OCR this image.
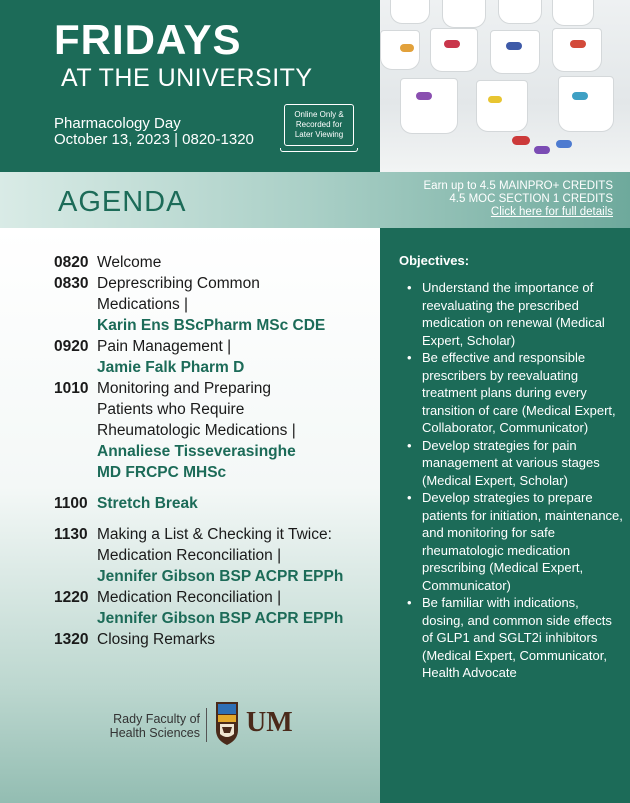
FRIDAYS
AT THE UNIVERSITY
Pharmacology Day
October 13, 2023 | 0820-1320
Online Only &
Recorded for
Later Viewing
AGENDA	Earn up to 4.5 MAINPRO+ CREDITS
4.5 MOC SECTION 1 CREDITS
Click here for full details
0820 Welcome
0830 Deprescribing Common
Medications |
Karin Ens BScPharm MSc CDE
0920 Pain Management |
Jamie Falk Pharm D
1010 Monitoring and Preparing
Patients who Require
Rheumatologic Medications |
Annaliese Tisseverasinghe
MD FRCPC MHSc
1100 Stretch Break
1130 Making a List & Checking it Twice:
Medication Reconciliation |
Jennifer Gibson BSP ACPR EPPh
1220 Medication Reconciliation |
Jennifer Gibson BSP ACPR EPPh
1320 Closing Remarks
Objectives:
• Understand the importance of reevaluating the prescribed medication on renewal (Medical Expert, Scholar)
• Be effective and responsible prescribers by reevaluating treatment plans during every transition of care (Medical Expert, Collaborator, Communicator)
• Develop strategies for pain management at various stages (Medical Expert, Scholar)
• Develop strategies to prepare patients for initiation, maintenance, and monitoring for safe rheumatologic medication prescribing (Medical Expert, Communicator)
• Be familiar with indications, dosing, and common side effects of GLP1 and SGLT2i inhibitors (Medical Expert, Communicator, Health Advocate
Rady Faculty of
Health Sciences UM
